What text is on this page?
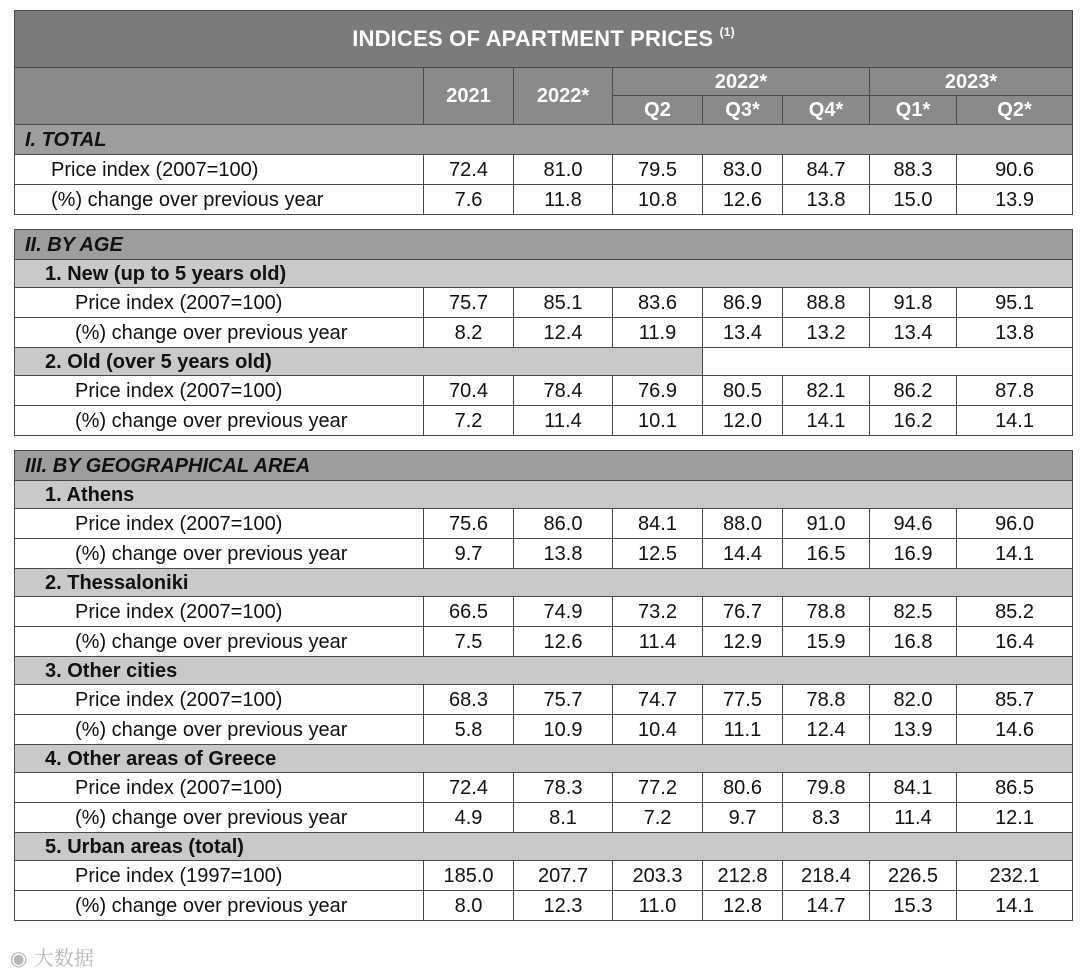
INDICES OF APARTMENT PRICES $^{(1)}$
	2021	2022*	2022*			2023*	
			Q2	Q3*	Q4*	Q1*	Q2*
I. TOTAL							
Price index (2007=100)	72.4	81.0	79.5	83.0	84.7	88.3	90.6
(%) change over previous year	7.6	11.8	10.8	12.6	13.8	15.0	13.9

II. BY AGE							
1. New (up to 5 years old)							
Price index (2007=100)	75.7	85.1	83.6	86.9	88.8	91.8	95.1
(%) change over previous year	8.2	12.4	11.9	13.4	13.2	13.4	13.8
2. Old (over 5 years old)							
Price index (2007=100)	70.4	78.4	76.9	80.5	82.1	86.2	87.8
(%) change over previous year	7.2	11.4	10.1	12.0	14.1	16.2	14.1

III. BY GEOGRAPHICAL AREA							
1. Athens							
Price index (2007=100)	75.6	86.0	84.1	88.0	91.0	94.6	96.0
(%) change over previous year	9.7	13.8	12.5	14.4	16.5	16.9	14.1
2. Thessaloniki							
Price index (2007=100)	66.5	74.9	73.2	76.7	78.8	82.5	85.2
(%) change over previous year	7.5	12.6	11.4	12.9	15.9	16.8	16.4
3. Other cities							
Price index (2007=100)	68.3	75.7	74.7	77.5	78.8	82.0	85.7
(%) change over previous year	5.8	10.9	10.4	11.1	12.4	13.9	14.6
4. Other areas of Greece							
Price index (2007=100)	72.4	78.3	77.2	80.6	79.8	84.1	86.5
(%) change over previous year	4.9	8.1	7.2	9.7	8.3	11.4	12.1
5. Urban areas (total)							
Price index (1997=100)	185.0	207.7	203.3	212.8	218.4	226.5	232.1
(%) change over previous year	8.0	12.3	11.0	12.8	14.7	15.3	14.1
◉ 大数据
